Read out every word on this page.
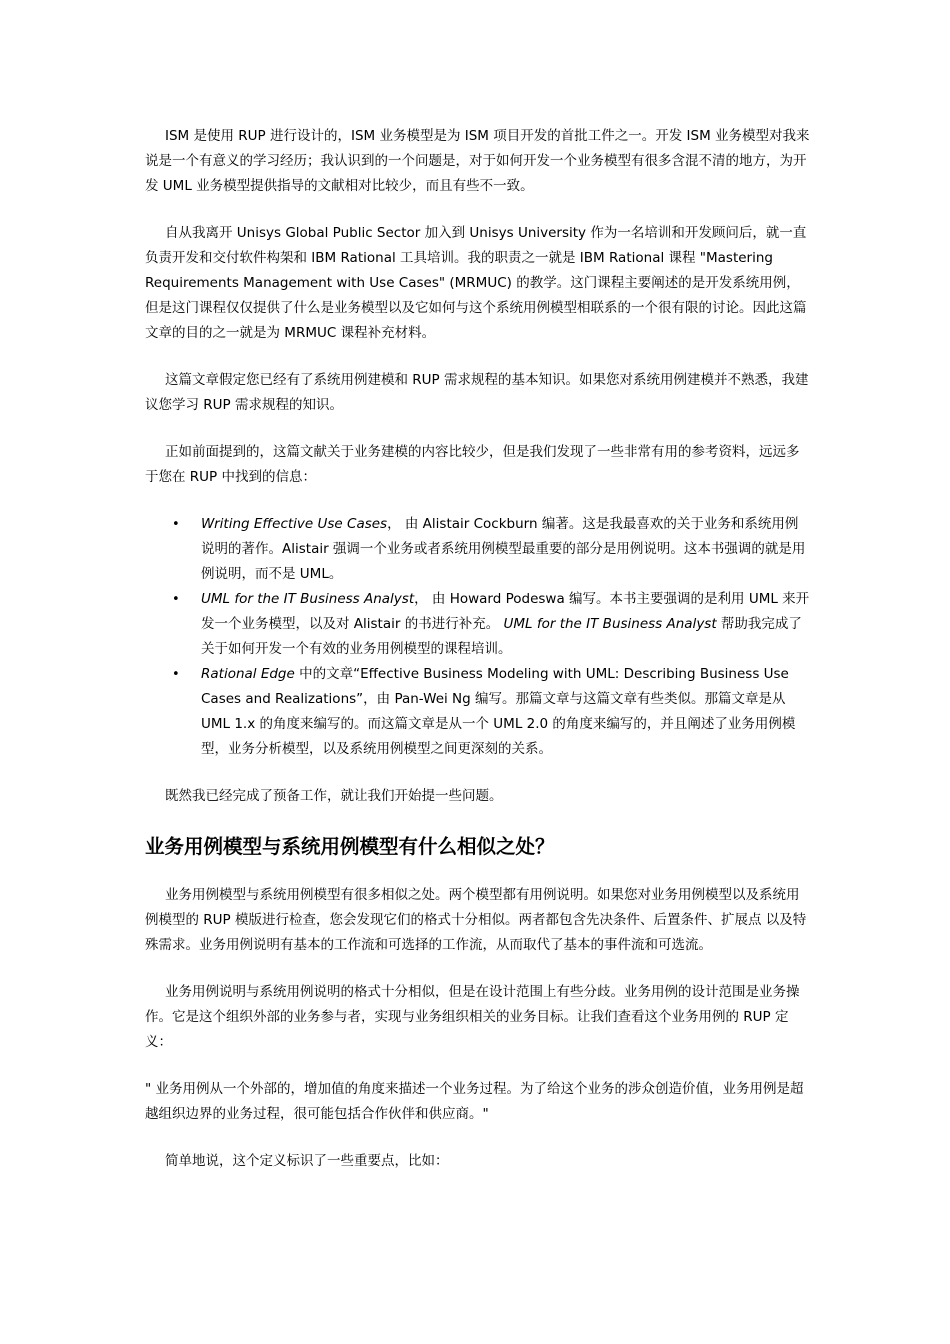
ISM 是使用 RUP 进行设计的，ISM 业务模型是为 ISM 项目开发的首批工件之一。开发 ISM 业务模型对我来说是一个有意义的学习经历；我认识到的一个问题是，对于如何开发一个业务模型有很多含混不清的地方，为开发 UML 业务模型提供指导的文献相对比较少，而且有些不一致。

自从我离开 Unisys Global Public Sector 加入到 Unisys University 作为一名培训和开发顾问后，就一直负责开发和交付软件构架和 IBM Rational 工具培训。我的职责之一就是 IBM Rational 课程 "Mastering Requirements Management with Use Cases" (MRMUC) 的教学。这门课程主要阐述的是开发系统用例，但是这门课程仅仅提供了什么是业务模型以及它如何与这个系统用例模型相联系的一个很有限的讨论。因此这篇文章的目的之一就是为 MRMUC 课程补充材料。

这篇文章假定您已经有了系统用例建模和 RUP 需求规程的基本知识。如果您对系统用例建模并不熟悉，我建议您学习 RUP 需求规程的知识。

正如前面提到的，这篇文献关于业务建模的内容比较少，但是我们发现了一些非常有用的参考资料，远远多于您在 RUP 中找到的信息：

• Writing Effective Use Cases， 由 Alistair Cockburn 编著。这是我最喜欢的关于业务和系统用例说明的著作。Alistair 强调一个业务或者系统用例模型最重要的部分是用例说明。这本书强调的就是用例说明，而不是 UML。
• UML for the IT Business Analyst， 由 Howard Podeswa 编写。本书主要强调的是利用 UML 来开发一个业务模型，以及对 Alistair 的书进行补充。 UML for the IT Business Analyst 帮助我完成了关于如何开发一个有效的业务用例模型的课程培训。
• Rational Edge 中的文章“Effective Business Modeling with UML: Describing Business Use Cases and Realizations”，由 Pan-Wei Ng 编写。那篇文章与这篇文章有些类似。那篇文章是从 UML 1.x 的角度来编写的。而这篇文章是从一个 UML 2.0 的角度来编写的，并且阐述了业务用例模型，业务分析模型，以及系统用例模型之间更深刻的关系。

既然我已经完成了预备工作，就让我们开始提一些问题。

业务用例模型与系统用例模型有什么相似之处？

业务用例模型与系统用例模型有很多相似之处。两个模型都有用例说明。如果您对业务用例模型以及系统用例模型的 RUP 模版进行检查，您会发现它们的格式十分相似。两者都包含先决条件、后置条件、扩展点 以及特殊需求。业务用例说明有基本的工作流和可选择的工作流，从而取代了基本的事件流和可选流。

业务用例说明与系统用例说明的格式十分相似，但是在设计范围上有些分歧。业务用例的设计范围是业务操作。它是这个组织外部的业务参与者，实现与业务组织相关的业务目标。让我们查看这个业务用例的 RUP 定义：

" 业务用例从一个外部的，增加值的角度来描述一个业务过程。为了给这个业务的涉众创造价值，业务用例是超越组织边界的业务过程，很可能包括合作伙伴和供应商。"

简单地说，这个定义标识了一些重要点，比如：
